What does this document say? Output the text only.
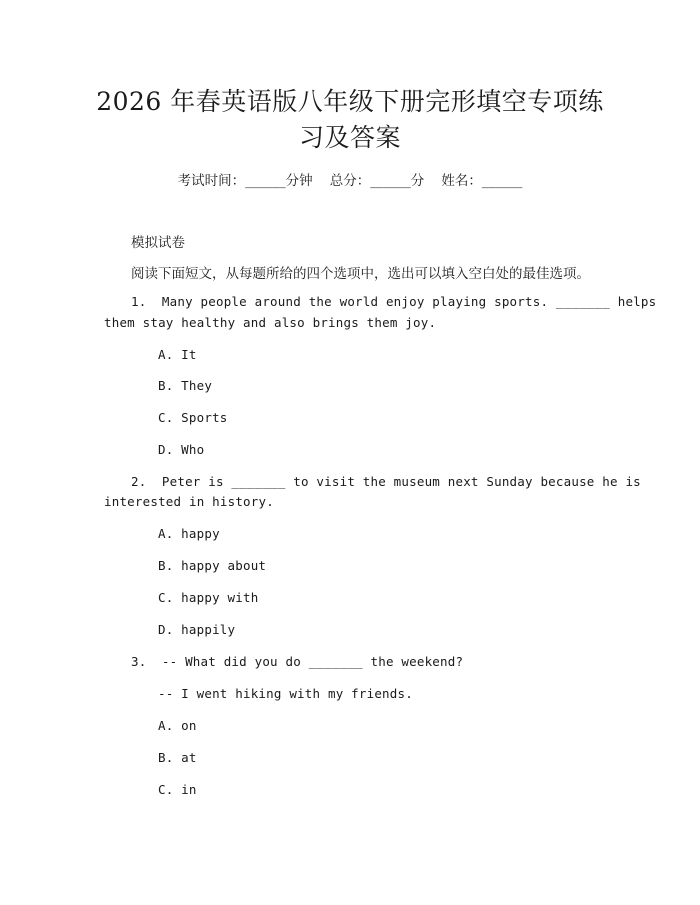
2026 年春英语版八年级下册完形填空专项练
习及答案
考试时间：______分钟    总分：______分    姓名：______
模拟试卷
阅读下面短文，从每题所给的四个选项中，选出可以填入空白处的最佳选项。
1.  Many people around the world enjoy playing sports. _______ helps
them stay healthy and also brings them joy.
A. It
B. They
C. Sports
D. Who
2.  Peter is _______ to visit the museum next Sunday because he is
interested in history.
A. happy
B. happy about
C. happy with
D. happily
3.  -- What did you do _______ the weekend?
-- I went hiking with my friends.
A. on
B. at
C. in
